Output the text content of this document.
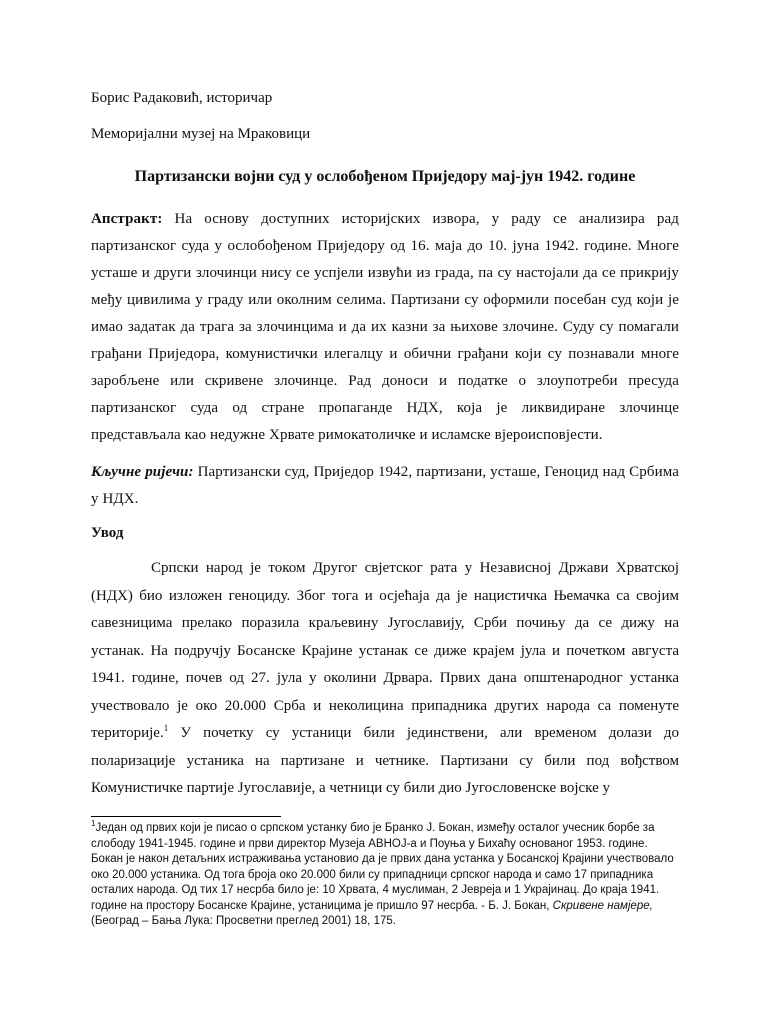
Борис Радаковић, историчар

Меморијални музеј на Мраковици

Партизански војни суд у ослобођеном Приједору мај-јун 1942. године

Апстракт: На основу доступних историјских извора, у раду се анализира рад партизанског суда у ослобођеном Приједору од 16. маја до 10. јуна 1942. године. Многе усташе и други злочинци нису се успјели извући из града, па су настојали да се прикрију међу цивилима у граду или околним селима. Партизани су оформили посебан суд који је имао задатак да трага за злочинцима и да их казни за њихове злочине. Суду су помагали грађани Приједора, комунистички илегалцу и обични грађани који су познавали многе заробљене или скривене злочинце. Рад доноси и податке о злоупотреби пресуда партизанског суда од стране пропаганде НДХ, која је ликвидиране злочинце представљала као недужне Хрвате римокатоличке и исламске вјероисповјести.

Кључне ријечи: Партизански суд, Приједор 1942, партизани, усташе, Геноцид над Србима у НДХ.

Увод

Српски народ је током Другог свјетског рата у Независној Држави Хрватској (НДХ) био изложен геноциду. Због тога и осјећаја да је нацистичка Њемачка са својим савезницима прелако поразила краљевину Југославију, Срби почињу да се дижу на устанак. На подручју Босанске Крајине устанак се диже крајем јула и почетком августа 1941. године, почев од 27. јула у околини Дрвара. Првих дана општенародног устанка учествовало је око 20.000 Срба и неколицина припадника других народа са поменуте територије.$^1$ У почетку су устаници били јединствени, али временом долази до поларизације устаника на партизане и четнике. Партизани су били под вођством Комунистичке партије Југославије, а четници су били дио Југословенске војске у

$^1$Један од првих који је писао о српском устанку био је Бранко Ј. Бокан, између осталог учесник борбе за слободу 1941-1945. године и први директор Музеја АВНОЈ-а и Поуња у Бихаћу основаног 1953. године. Бокан је након детаљних истраживања установио да је првих дана устанка у Босанској Крајини учествовало око 20.000 устаника. Од тога броја око 20.000 били су припадници српског народа и само 17 припадника осталих народа. Од тих 17 несрба било је: 10 Хрвата, 4 муслиман, 2 Јевреја и 1 Украјинац. До краја 1941. године на простору Босанске Крајине, устаницима је пришло 97 несрба. - Б. Ј. Бокан, Скривене намјере, (Београд – Бања Лука: Просветни преглед 2001) 18, 175.
